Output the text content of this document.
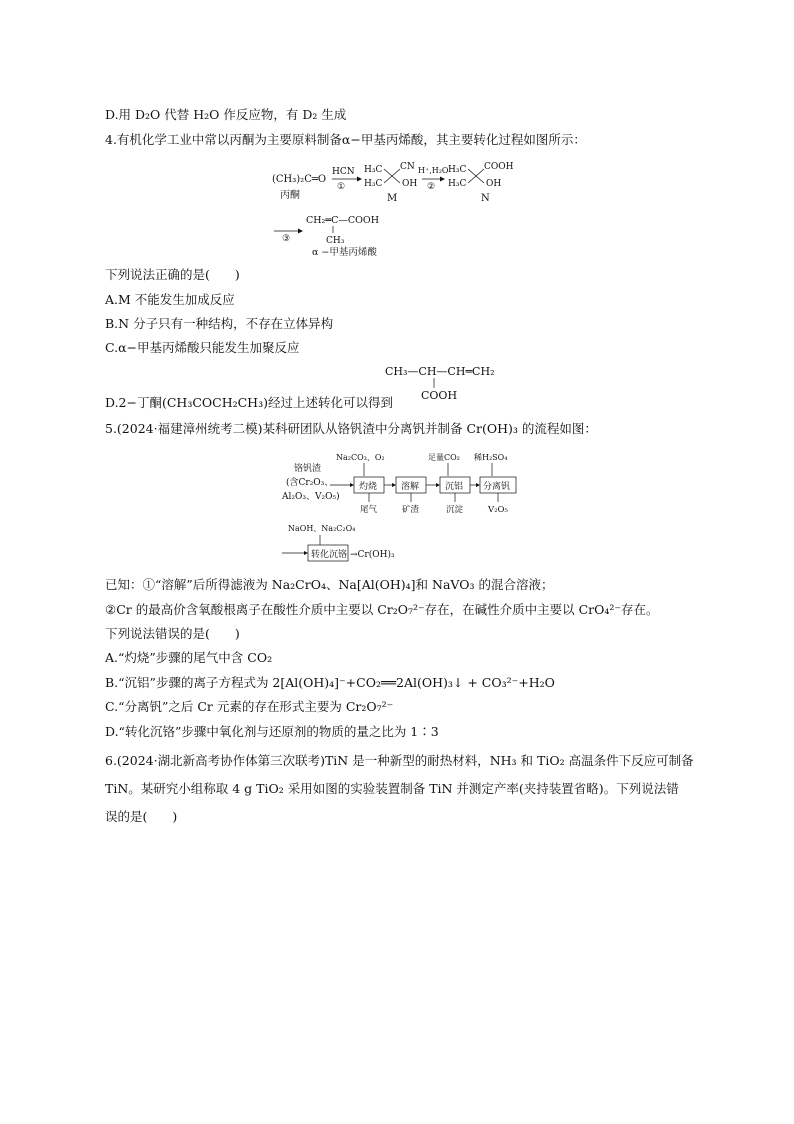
D.用 D₂O 代替 H₂O 作反应物，有 D₂ 生成
4.有机化学工业中常以丙酮为主要原料制备α−甲基丙烯酸，其主要转化过程如图所示：
(CH₃)₂C═O
丙酮
HCN
①
H₃C
H₃C
CN
OH
M
H⁺,H₂O
②
H₃C
H₃C
COOH
OH
N
③
CH₂═C—COOH
CH₃
α −甲基丙烯酸
下列说法正确的是(　　)
A.M 不能发生加成反应
B.N 分子只有一种结构，不存在立体异构
C.α−甲基丙烯酸只能发生加聚反应
CH₃—CH—CH═CH₂
COOH
D.2−丁酮(CH₃COCH₂CH₃)经过上述转化可以得到
5.(2024·福建漳州统考二模)某科研团队从铬钒渣中分离钒并制备 Cr(OH)₃ 的流程如图：
铬钒渣
(含Cr₂O₃、
Al₂O₃、V₂O₅)
Na₂CO₃、O₂	足量CO₂ 稀H₂SO₄
灼烧	溶解	沉铝 分离钒
尾气	矿渣	沉淀	V₂O₅
NaOH、Na₂C₂O₄
转化沉铬 →Cr(OH)₃
已知：①“溶解”后所得滤液为 Na₂CrO₄、Na[Al(OH)₄]和 NaVO₃ 的混合溶液；
②Cr 的最高价含氧酸根离子在酸性介质中主要以 Cr₂O₇²⁻存在，在碱性介质中主要以 CrO₄²⁻存在。
下列说法错误的是(　　)
A.“灼烧”步骤的尾气中含 CO₂
B.“沉铝”步骤的离子方程式为 2[Al(OH)₄]⁻+CO₂══2Al(OH)₃↓ + CO₃²⁻+H₂O
C.“分离钒”之后 Cr 元素的存在形式主要为 Cr₂O₇²⁻
D.“转化沉铬”步骤中氧化剂与还原剂的物质的量之比为 1∶3
6.(2024·湖北新高考协作体第三次联考)TiN 是一种新型的耐热材料，NH₃ 和 TiO₂ 高温条件下反应可制备
TiN。某研究小组称取 4 g TiO₂ 采用如图的实验装置制备 TiN 并测定产率(夹持装置省略)。下列说法错
误的是(　　)
